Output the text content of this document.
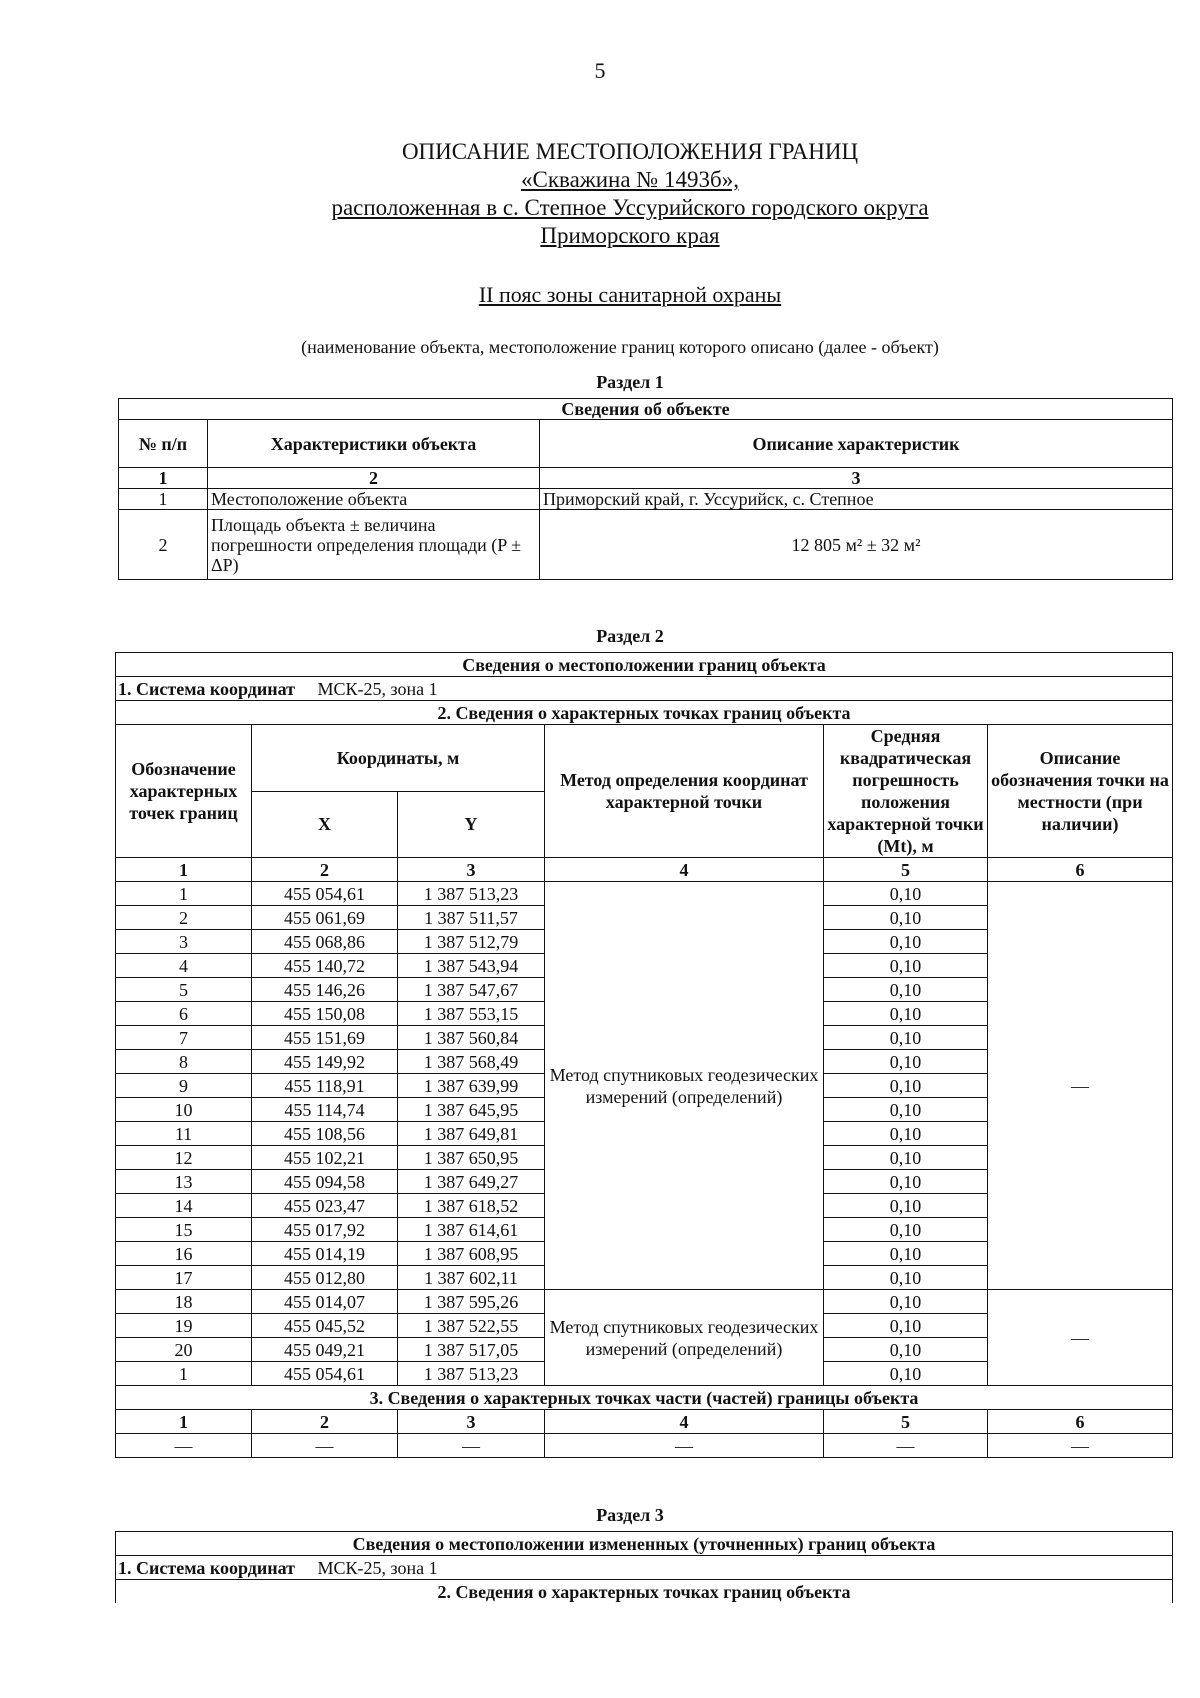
5
ОПИСАНИЕ МЕСТОПОЛОЖЕНИЯ ГРАНИЦ
«Скважина № 1493б»,
расположенная в с. Степное Уссурийского городского округа
Приморского края
II пояс зоны санитарной охраны
(наименование объекта, местоположение границ которого описано (далее - объект)
Раздел 1
Сведения об объекте		
№ п/п	Характеристики объекта	Описание характеристик
1	2	3
1	Местоположение объекта	Приморский край, г. Уссурийск, с. Степное
2	Площадь объекта ± величина погрешности определения площади (P ± ΔP)	12 805 м² ± 32 м²
Раздел 2
Сведения о местоположении границ объекта					
1. Система координат МСК-25, зона 1					
2. Сведения о характерных точках границ объекта					
Обозначение характерных точек границ	Координаты, м		Метод определения координат характерной точки	Средняя квадратическая погрешность положения характерной точки (Mt), м	Описание обозначения точки на местности (при наличии)
	X	Y			
1	2	3	4	5	6
1	455 054,61	1 387 513,23	Метод спутниковых геодезических измерений (определений)	0,10	—
2	455 061,69	1 387 511,57		0,10	
3	455 068,86	1 387 512,79		0,10	
4	455 140,72	1 387 543,94		0,10	
5	455 146,26	1 387 547,67		0,10	
6	455 150,08	1 387 553,15		0,10	
7	455 151,69	1 387 560,84		0,10	
8	455 149,92	1 387 568,49		0,10	
9	455 118,91	1 387 639,99		0,10	
10	455 114,74	1 387 645,95		0,10	
11	455 108,56	1 387 649,81		0,10	
12	455 102,21	1 387 650,95		0,10	
13	455 094,58	1 387 649,27		0,10	
14	455 023,47	1 387 618,52		0,10	
15	455 017,92	1 387 614,61		0,10	
16	455 014,19	1 387 608,95		0,10	
17	455 012,80	1 387 602,11		0,10	
18	455 014,07	1 387 595,26	Метод спутниковых геодезических измерений (определений)	0,10	—
19	455 045,52	1 387 522,55		0,10	
20	455 049,21	1 387 517,05		0,10	
1	455 054,61	1 387 513,23		0,10	
3. Сведения о характерных точках части (частей) границы объекта					
1	2	3	4	5	6
—	—	—	—	—	—
Раздел 3
Сведения о местоположении измененных (уточненных) границ объекта
1. Система координат МСК-25, зона 1
2. Сведения о характерных точках границ объекта
